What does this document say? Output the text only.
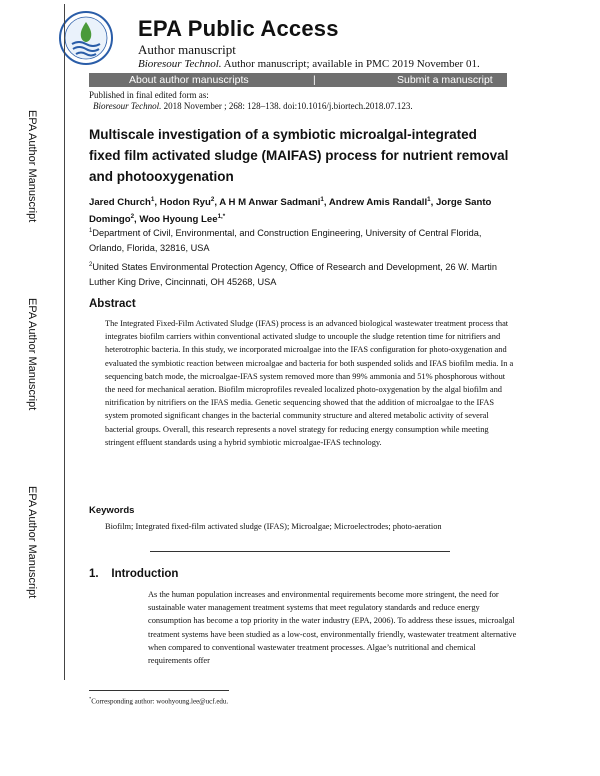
EPA Public Access
Author manuscript
Bioresour Technol. Author manuscript; available in PMC 2019 November 01.
About author manuscripts	|	Submit a manuscript
Published in final edited form as:
Bioresour Technol. 2018 November ; 268: 128–138. doi:10.1016/j.biortech.2018.07.123.
EPA Author Manuscript
EPA Author Manuscript
EPA Author Manuscript
Multiscale investigation of a symbiotic microalgal-integrated fixed film activated sludge (MAIFAS) process for nutrient removal and photooxygenation
Jared Church$^1$, Hodon Ryu$^2$, A H M Anwar Sadmani$^1$, Andrew Amis Randall$^1$, Jorge Santo Domingo$^2$, Woo Hyoung Lee$^{1,*}$
$^1$Department of Civil, Environmental, and Construction Engineering, University of Central Florida, Orlando, Florida, 32816, USA
$^2$United States Environmental Protection Agency, Office of Research and Development, 26 W. Martin Luther King Drive, Cincinnati, OH 45268, USA
Abstract
The Integrated Fixed-Film Activated Sludge (IFAS) process is an advanced biological wastewater treatment process that integrates biofilm carriers within conventional activated sludge to uncouple the sludge retention time for nitrifiers and heterotrophic bacteria. In this study, we incorporated microalgae into the IFAS configuration for photo-oxygenation and evaluated the symbiotic reaction between microalgae and bacteria for both suspended solids and IFAS biofilm media. In a sequencing batch mode, the microalgae-IFAS system removed more than 99% ammonia and 51% phosphorous without the need for mechanical aeration. Biofilm microprofiles revealed localized photo-oxygenation by the algal biofilm and nitrification by nitrifiers on the IFAS media. Genetic sequencing showed that the addition of microalgae to the IFAS system promoted significant changes in the bacterial community structure and altered metabolic activity of several bacterial groups. Overall, this research represents a novel strategy for reducing energy consumption while meeting stringent effluent standards using a hybrid symbiotic microalgae-IFAS technology.
Keywords
Biofilm; Integrated fixed-film activated sludge (IFAS); Microalgae; Microelectrodes; photo-aeration
1.    Introduction
As the human population increases and environmental requirements become more stringent, the need for sustainable water management treatment systems that meet regulatory standards and reduce energy consumption has become a top priority in the water industry (EPA, 2006). To address these issues, microalgal treatment systems have been studied as a low-cost, environmentally friendly, wastewater treatment alternative when compared to conventional wastewater treatment processes. Algae’s nutritional and chemical requirements offer
*Corresponding author: woohyoung.lee@ucf.edu.
